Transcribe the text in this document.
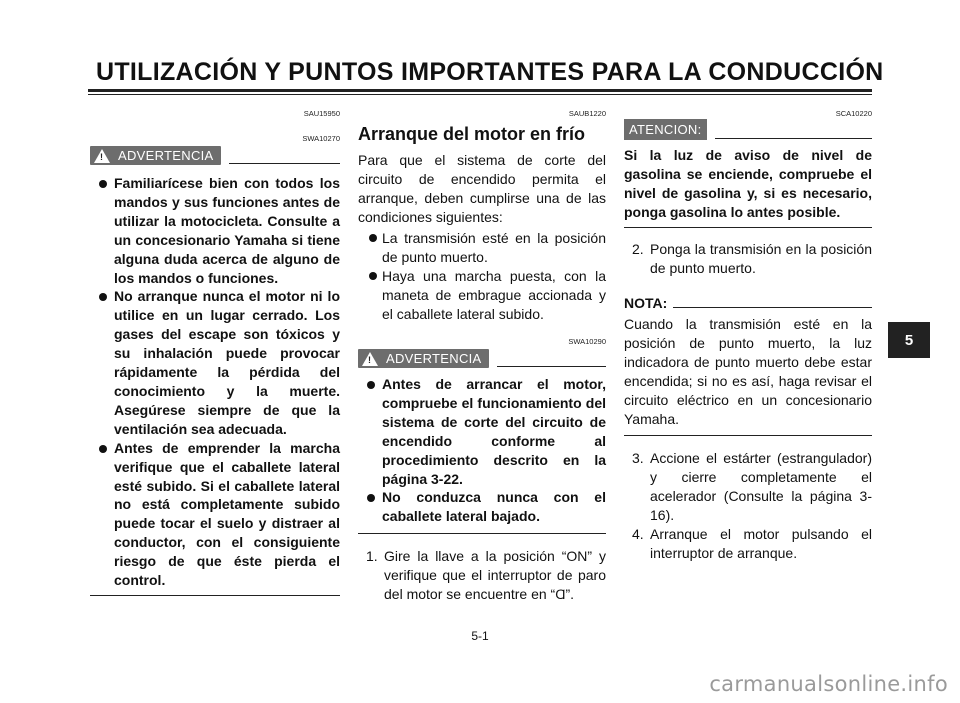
UTILIZACIÓN Y PUNTOS IMPORTANTES PARA LA CONDUCCIÓN
SAU15950
SWA10270
! ADVERTENCIA
Familiarícese bien con todos los mandos y sus funciones antes de utilizar la motocicleta. Consulte a un concesionario Yamaha si tiene alguna duda acerca de alguno de los mandos o funciones.
No arranque nunca el motor ni lo utilice en un lugar cerrado. Los gases del escape son tóxicos y su inhalación puede provocar rápidamente la pérdida del conocimiento y la muerte. Asegúrese siempre de que la ventilación sea adecuada.
Antes de emprender la marcha verifique que el caballete lateral esté subido. Si el caballete lateral no está completamente subido puede tocar el suelo y distraer al conductor, con el consiguiente riesgo de que éste pierda el control.
SAUB1220
Arranque del motor en frío
Para que el sistema de corte del circuito de encendido permita el arranque, deben cumplirse una de las condiciones siguientes:
La transmisión esté en la posición de punto muerto.
Haya una marcha puesta, con la maneta de embrague accionada y el caballete lateral subido.
SWA10290
! ADVERTENCIA
Antes de arrancar el motor, compruebe el funcionamiento del sistema de corte del circuito de encendido conforme al procedimiento descrito en la página 3-22.
No conduzca nunca con el caballete lateral bajado.
1. Gire la llave a la posición “ON” y verifique que el interruptor de paro del motor se encuentre en “Ɑ”.
SCA10220
ATENCION:
Si la luz de aviso de nivel de gasolina se enciende, compruebe el nivel de gasolina y, si es necesario, ponga gasolina lo antes posible.
2. Ponga la transmisión en la posición de punto muerto.
NOTA:
Cuando la transmisión esté en la posición de punto muerto, la luz indicadora de punto muerto debe estar encendida; si no es así, haga revisar el circuito eléctrico en un concesionario Yamaha.
3. Accione el estárter (estrangulador) y cierre completamente el acelerador (Consulte la página 3-16).
4. Arranque el motor pulsando el interruptor de arranque.
5
5-1
carmanualsonline.info
